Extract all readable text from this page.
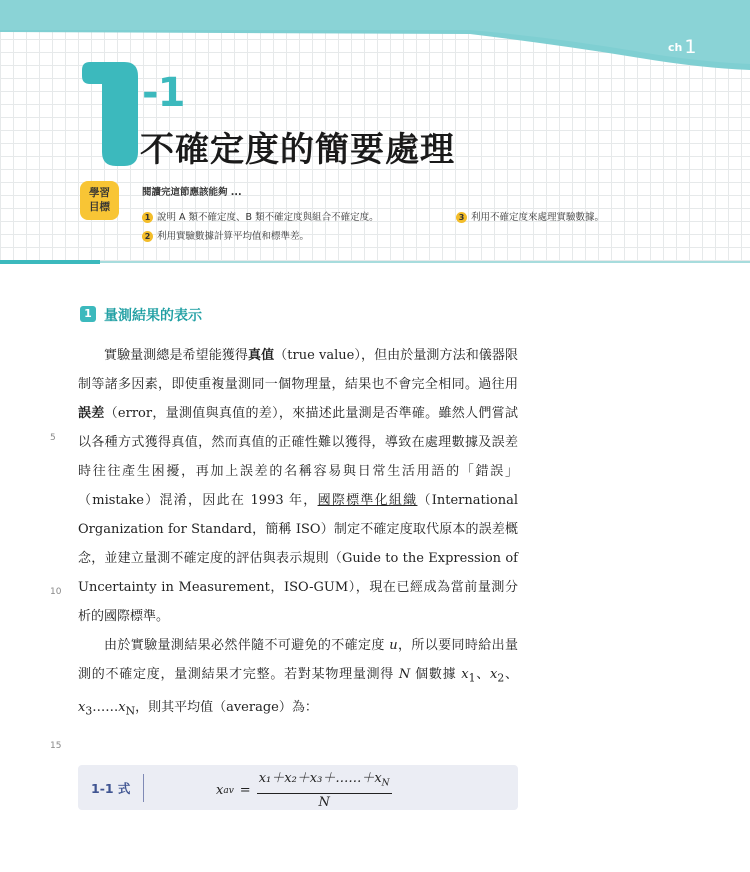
ch 1
-1
不確定度的簡要處理
學習
目標
閱讀完這節應該能夠 ...
1 說明 A 類不確定度、B 類不確定度與組合不確定度。
2 利用實驗數據計算平均值和標準差。
3 利用不確定度來處理實驗數據。
1 量測結果的表示
5
10
15

實驗量測總是希望能獲得真值（true value），但由於量測方法和儀器限制等諸多因素，即使重複量測同一個物理量，結果也不會完全相同。過往用誤差（error，量測值與真值的差），來描述此量測是否準確。雖然人們嘗試以各種方式獲得真值，然而真值的正確性難以獲得，導致在處理數據及誤差時往往產生困擾，再加上誤差的名稱容易與日常生活用語的「錯誤」（mistake）混淆，因此在 1993 年，國際標準化組織（International Organization for Standard，簡稱 ISO）制定不確定度取代原本的誤差概念，並建立量測不確定度的評估與表示規則（Guide to the Expression of Uncertainty in Measurement，ISO-GUM），現在已經成為當前量測分析的國際標準。

由於實驗量測結果必然伴隨不可避免的不確定度 u，所以要同時給出量測的不確定度，量測結果才完整。若對某物理量測得 N 個數據 $x_1$、$x_2$、$x_3\dots\dots x_N$，則其平均值（average）為：

1-1 式	x av = $\frac{x_1+x_2+x_3+\dots\dots+x_N}{N}$
